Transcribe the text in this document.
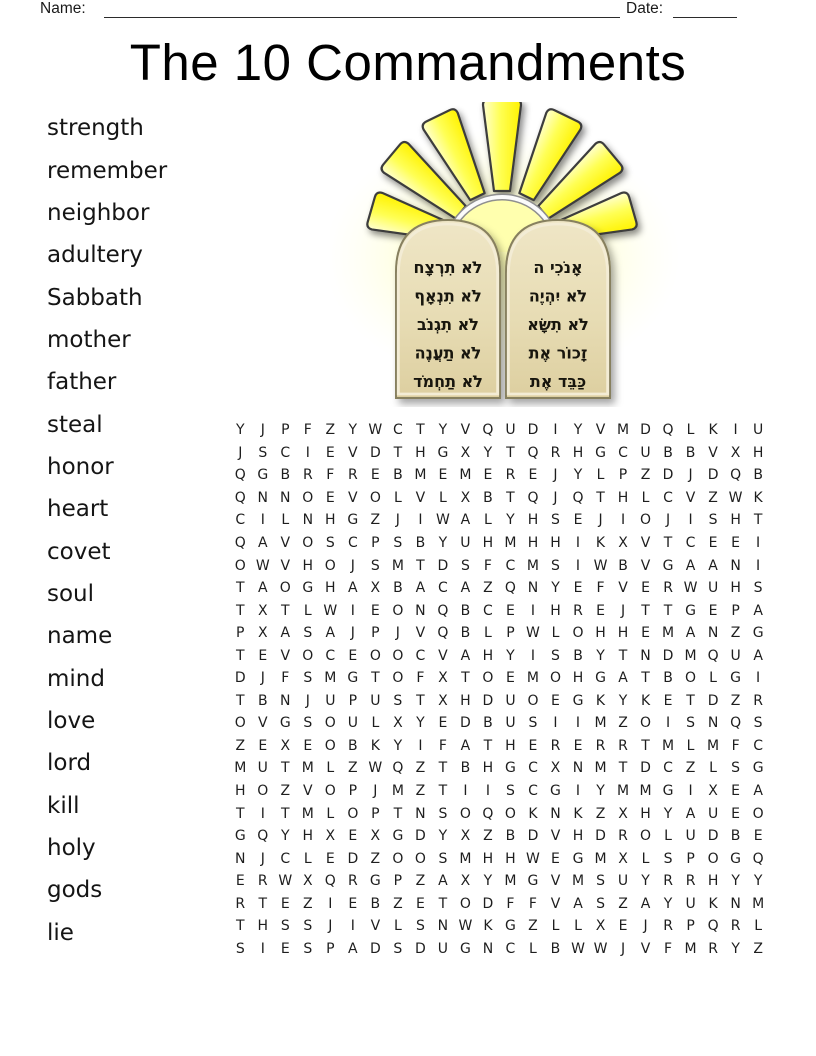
Name:	Date:
The 10 Commandments
strength
remember
neighbor
adultery
Sabbath
mother
father
steal
honor
heart
covet
soul
name
mind
love
lord
kill
holy
gods
lie
לֹא תִרְצָח
לֹא תִנְאָף
לֹא תִגְנֹב
לֹא תַעֲנֶה
לֹא תַחְמֹד
אָנֹכִי ה
לֹא יִהְיֶה
לֹא תִשָּׂא
זָכוֹר אֶת
כַּבֵּד אֶת
Y	J	P	F Z Y W C T Y V Q U D	I	Y V M D Q L	K	I	U
J	S C	I	E V D T H G X Y T Q R H G C U B B V X H
Q G B R F R E B M E M E R E	J	Y	L	P Z D	J	D Q B
Q N N O E V O L V L X B T Q	J	Q T H L C V Z W K
C	I	L N H G Z	J	I W A L	Y H S E	J	I	O	J	I	S H T
Q A V O S C P S B Y U H M H H	I	K X V T C E E	I
O W V H O	J	S M T D S	F C M S	I W B V G A A N	I
T A O G H A X B A C A Z Q N Y E	F V E R W U H S
T X T	L W I	E O N Q B C E	I	H R E	J	T T G E P A
P X A S A	J	P	J	V Q B L	P W L O H H E M A N Z G
T E V O C E O O C V A H Y	I	S B Y T N D M Q U A
D	J	F	S M G T O F X T O E M O H G A T B O L G	I
T B N	J	U P U S T X H D U O E G K Y K E T D Z R
O V G S O U L X Y E D B U S	I	I	M Z O	I	S N Q S
Z E X E O B K Y	I	F A T H E R E R R T M L M F C
M U T M L Z W Q Z T B H G C X N M T D C Z L	S G
H O Z V O P	J	M Z T	I	I	S C G	I	Y M M G	I	X E A
T	I	T M L O P	T N S O Q O K N K Z X H Y A U E O
G Q Y H X E X G D Y X Z B D V H D R O L U D B E
N	J	C L	E D Z O O S M H H W E G M X L	S P O G Q
E R W X Q R G P Z A X Y M G V M S U Y R R H Y Y
R T E Z	I	E B Z E T O D F	F V A S Z A Y U K N M
T H S S	J	I	V L	S N W K G Z L	L X E	J	R P Q R L
S	I	E S P A D S D U G N C L B W W J	V F M R Y Z
